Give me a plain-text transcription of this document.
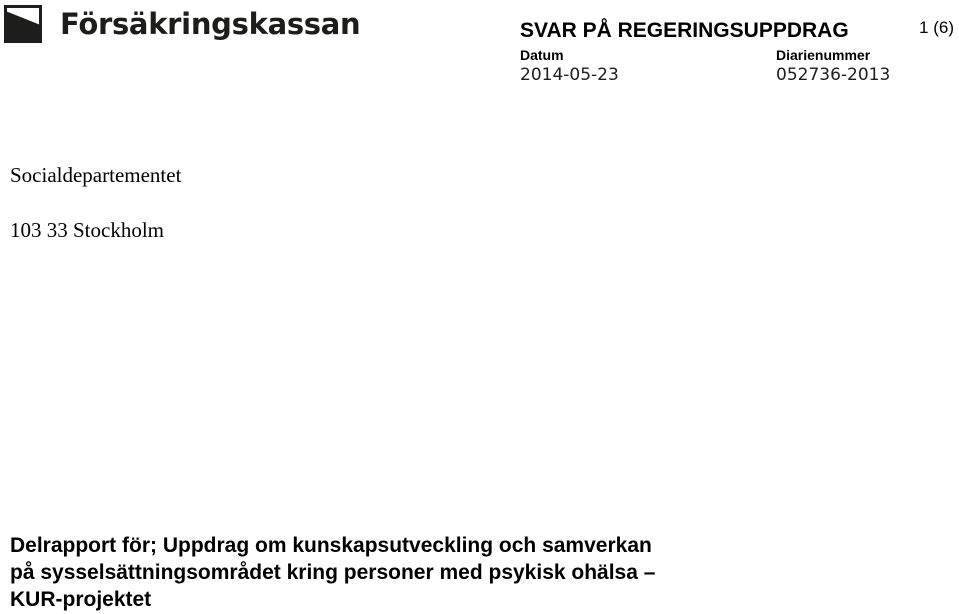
Försäkringskassan	SVAR PÅ REGERINGSUPPDRAG	1 (6)
Datum
2014-05-23
Diarienummer
052736-2013
Socialdepartementet
103 33 Stockholm
Delrapport för; Uppdrag om kunskapsutveckling och samverkan
på sysselsättningsområdet kring personer med psykisk ohälsa –
KUR-projektet
